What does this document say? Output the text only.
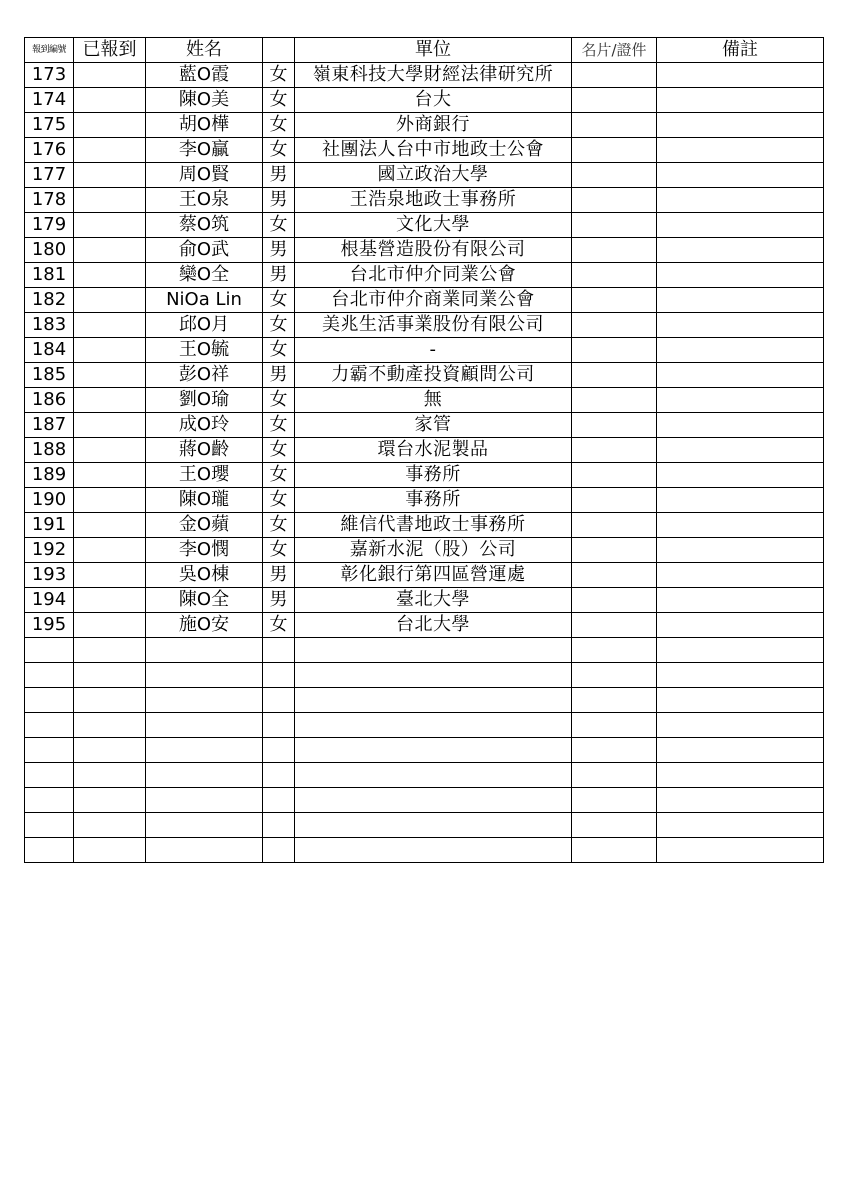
報到編號	已報到	姓名		單位	名片/證件	備註
173		藍O霞	女	嶺東科技大學財經法律研究所		
174		陳O美	女	台大		
175		胡O樺	女	外商銀行		
176		李O贏	女	社團法人台中市地政士公會		
177		周O賢	男	國立政治大學		
178		王O泉	男	王浩泉地政士事務所		
179		蔡O筑	女	文化大學		
180		俞O武	男	根基營造股份有限公司		
181		欒O全	男	台北市仲介同業公會		
182		NiOa Lin	女	台北市仲介商業同業公會		
183		邱O月	女	美兆生活事業股份有限公司		
184		王O毓	女	-		
185		彭O祥	男	力霸不動產投資顧問公司		
186		劉O瑜	女	無		
187		成O玲	女	家管		
188		蔣O齡	女	環台水泥製品		
189		王O瓔	女	事務所		
190		陳O瓏	女	事務所		
191		金O蘋	女	維信代書地政士事務所		
192		李O憫	女	嘉新水泥（股）公司		
193		吳O棟	男	彰化銀行第四區營運處		
194		陳O全	男	臺北大學		
195		施O安	女	台北大學		
